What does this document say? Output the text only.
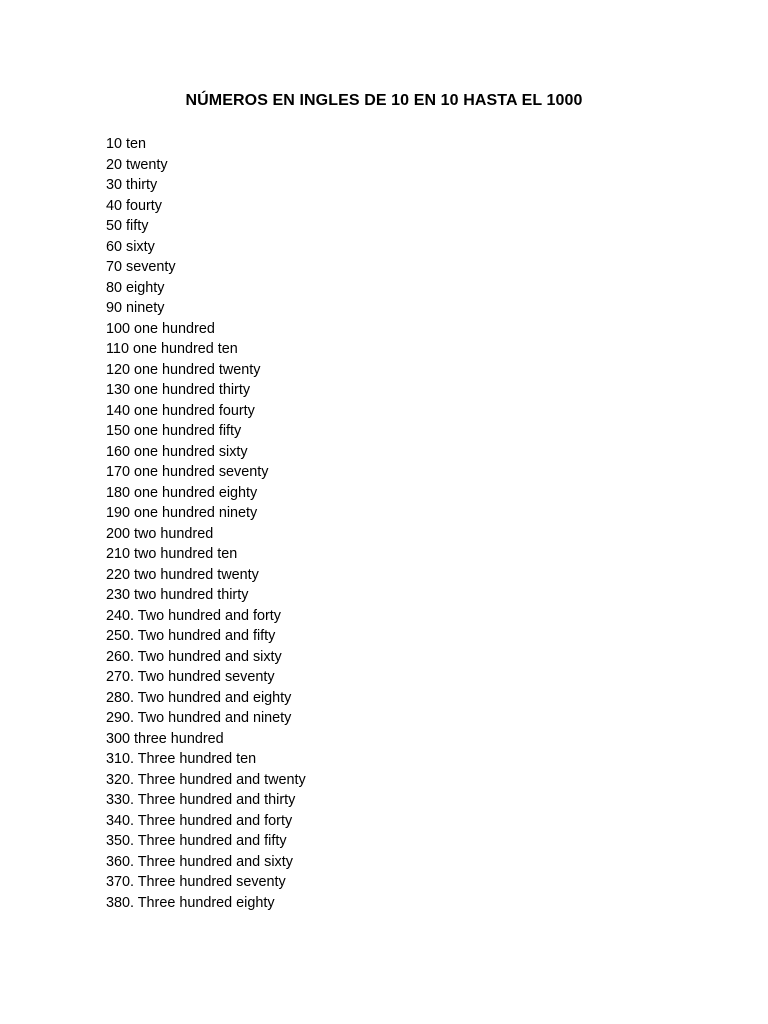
NÚMEROS EN INGLES DE 10 EN 10 HASTA EL 1000
10 ten
20 twenty
30 thirty
40 fourty
50 fifty
60 sixty
70 seventy
80 eighty
90 ninety
100 one hundred
110 one hundred ten
120 one hundred twenty
130 one hundred thirty
140 one hundred fourty
150 one hundred fifty
160 one hundred sixty
170 one hundred seventy
180 one hundred eighty
190 one hundred ninety
200 two hundred
210 two hundred ten
220 two hundred twenty
230 two hundred thirty
240. Two hundred and forty
250. Two hundred and fifty
260. Two hundred and sixty
270. Two hundred seventy
280. Two hundred and eighty
290. Two hundred and ninety
300 three hundred
310. Three hundred ten
320. Three hundred and twenty
330. Three hundred and thirty
340. Three hundred and forty
350. Three hundred and fifty
360. Three hundred and sixty
370. Three hundred seventy
380. Three hundred eighty
